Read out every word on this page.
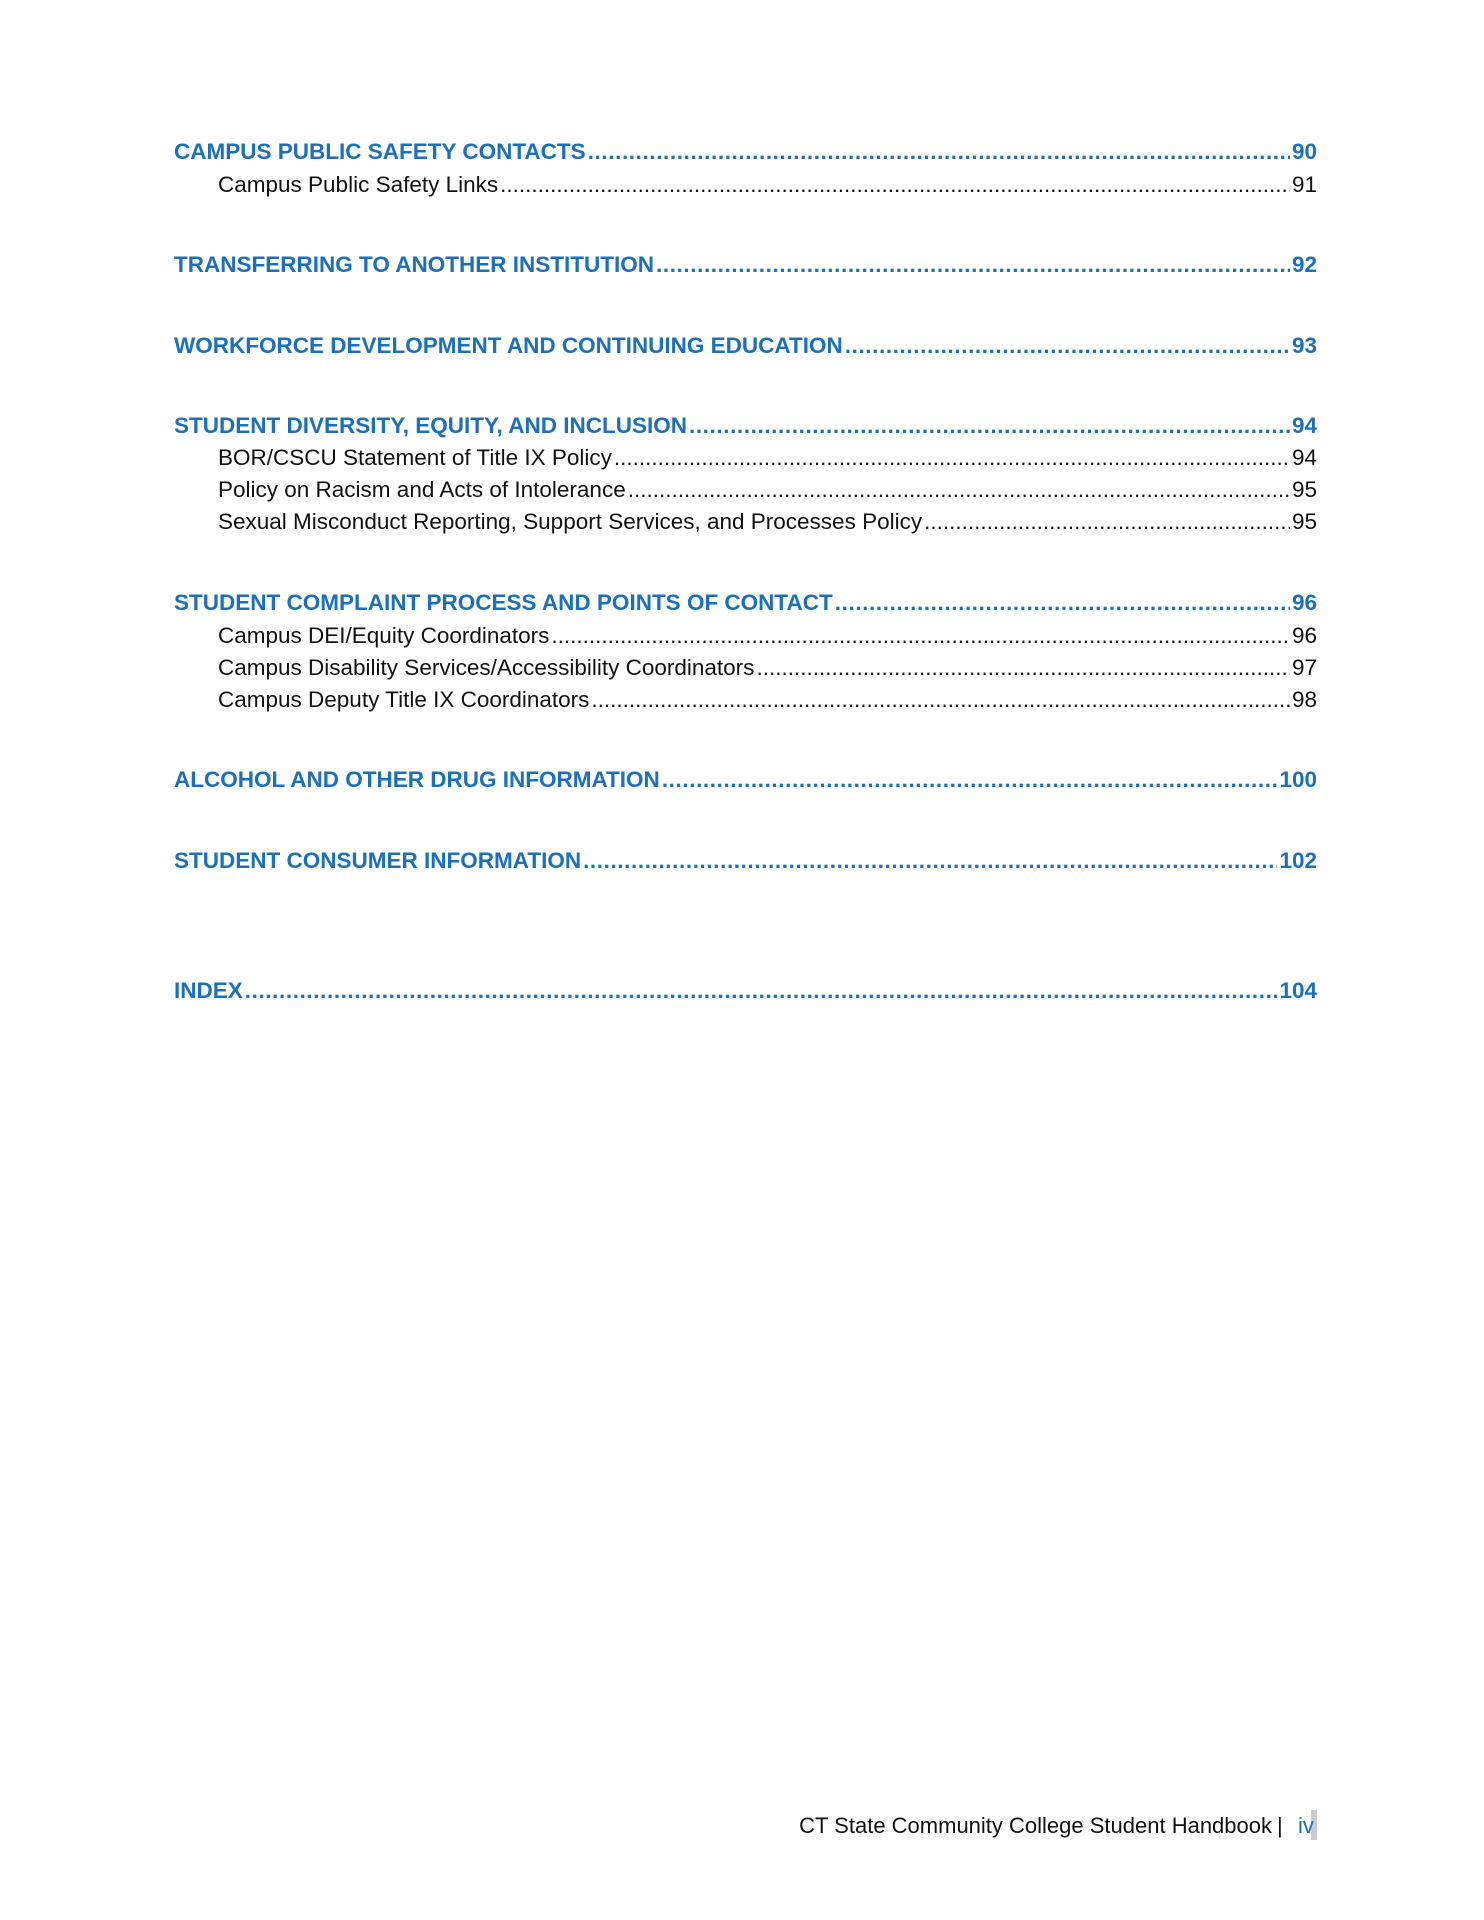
CAMPUS PUBLIC SAFETY CONTACTS .....	90
Campus Public Safety Links .....	91
TRANSFERRING TO ANOTHER INSTITUTION .....	92
WORKFORCE DEVELOPMENT AND CONTINUING EDUCATION .....	93
STUDENT DIVERSITY, EQUITY, AND INCLUSION .....	94
BOR/CSCU Statement of Title IX Policy .....	94
Policy on Racism and Acts of Intolerance .....	95
Sexual Misconduct Reporting, Support Services, and Processes Policy .....	95
STUDENT COMPLAINT PROCESS AND POINTS OF CONTACT .....	96
Campus DEI/Equity Coordinators .....	96
Campus Disability Services/Accessibility Coordinators .....	97
Campus Deputy Title IX Coordinators .....	98
ALCOHOL AND OTHER DRUG INFORMATION .....	100
STUDENT CONSUMER INFORMATION .....	102
INDEX .....	104
CT State Community College Student Handbook | iv
